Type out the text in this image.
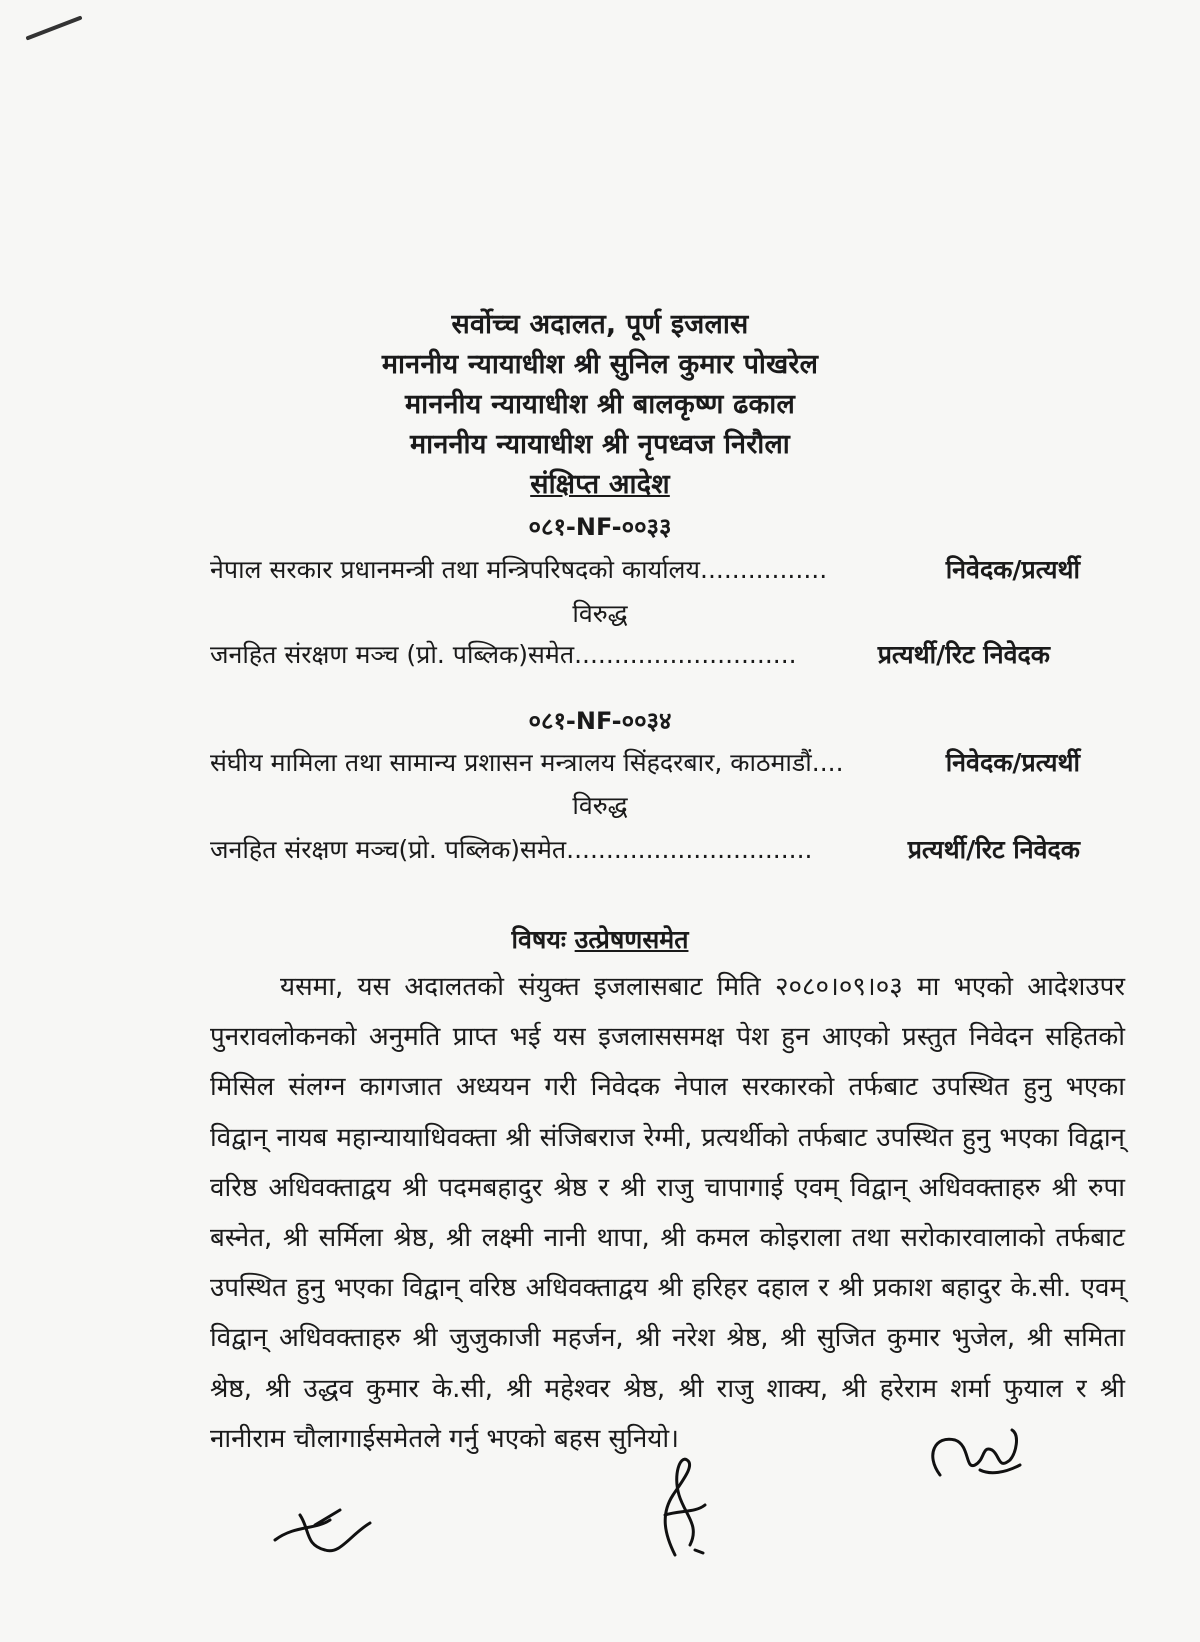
सर्वोच्च अदालत, पूर्ण इजलास
माननीय न्यायाधीश श्री सुनिल कुमार पोखरेल
माननीय न्यायाधीश श्री बालकृष्ण ढकाल
माननीय न्यायाधीश श्री नृपध्वज निरौला
संक्षिप्त आदेश
०८१-NF-००३३
नेपाल सरकार प्रधानमन्त्री तथा मन्त्रिपरिषदको कार्यालय................	निवेदक/प्रत्यर्थी
विरुद्ध
जनहित संरक्षण मञ्च (प्रो. पब्लिक)समेत............................	प्रत्यर्थी/रिट निवेदक
०८१-NF-००३४
संघीय मामिला तथा सामान्य प्रशासन मन्त्रालय सिंहदरबार, काठमाडौं....	निवेदक/प्रत्यर्थी
विरुद्ध
जनहित संरक्षण मञ्च(प्रो. पब्लिक)समेत...............................	प्रत्यर्थी/रिट निवेदक
विषयः उत्प्रेषणसमेत
यसमा, यस अदालतको संयुक्त इजलासबाट मिति २०८०।०९।०३ मा भएको आदेशउपर पुनरावलोकनको अनुमति प्राप्त भई यस इजलाससमक्ष पेश हुन आएको प्रस्तुत निवेदन सहितको मिसिल संलग्न कागजात अध्ययन गरी निवेदक नेपाल सरकारको तर्फबाट उपस्थित हुनु भएका विद्वान् नायब महान्यायाधिवक्ता श्री संजिबराज रेग्मी, प्रत्यर्थीको तर्फबाट उपस्थित हुनु भएका विद्वान् वरिष्ठ अधिवक्ताद्वय श्री पदमबहादुर श्रेष्ठ र श्री राजु चापागाई एवम् विद्वान् अधिवक्ताहरु श्री रुपा बस्नेत, श्री सर्मिला श्रेष्ठ, श्री लक्ष्मी नानी थापा, श्री कमल कोइराला तथा सरोकारवालाको तर्फबाट उपस्थित हुनु भएका विद्वान् वरिष्ठ अधिवक्ताद्वय श्री हरिहर दहाल र श्री प्रकाश बहादुर के.सी. एवम् विद्वान् अधिवक्ताहरु श्री जुजुकाजी महर्जन, श्री नरेश श्रेष्ठ, श्री सुजित कुमार भुजेल, श्री समिता श्रेष्ठ, श्री उद्धव कुमार के.सी, श्री महेश्वर श्रेष्ठ, श्री राजु शाक्य, श्री हरेराम शर्मा फुयाल र श्री नानीराम चौलागाईसमेतले गर्नु भएको बहस सुनियो।
